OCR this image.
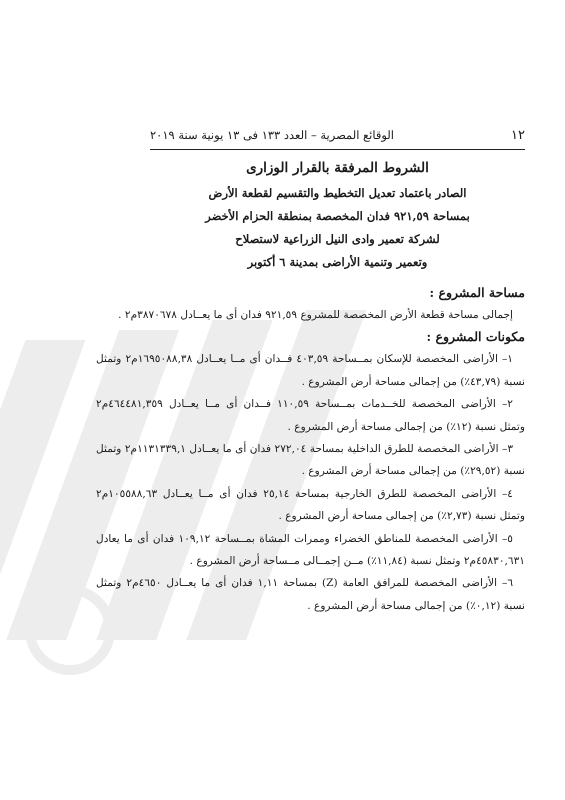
١٢
الوقائع المصرية – العدد ١٣٣ فى ١٣ يونية سنة ٢٠١٩
الشروط المرفقة بالقرار الوزارى
الصادر باعتماد تعديل التخطيط والتقسيم لقطعة الأرض
بمساحة ٩٢١,٥٩ فدان المخصصة بمنطقة الحزام الأخضر
لشركة تعمير وادى النيل الزراعية لاستصلاح
وتعمير وتنمية الأراضى بمدينة ٦ أكتوبر
مساحة المشروع :

إجمالى مساحة قطعة الأرض المخصصة للمشروع ٩٢١,٥٩ فدان أى ما يعــادل ٣٨٧٠٦٧٨م٢ .

مكونات المشروع :

١– الأراضى المخصصة للإسكان بمــساحة ٤٠٣,٥٩ فــدان أى مــا يعــادل ١٦٩٥٠٨٨,٣٨م٢ وتمثل نسبة (٤٣,٧٩٪) من إجمالى مساحة أرض المشروع .

٢– الأراضى المخصصة للخــدمات بمــساحة ١١٠,٥٩ فــدان أى مــا يعــادل ٤٦٤٤٨١,٣٥٩م٢ وتمثل نسبة (١٢٪) من إجمالى مساحة أرض المشروع .

٣– الأراضى المخصصة للطرق الداخلية بمساحة ٢٧٢,٠٤ فدان أى ما يعــادل ١١٣١٣٣٩,١م٢ وتمثل نسبة (٢٩,٥٢٪) من إجمالى مساحة أرض المشروع .

٤– الأراضى المخصصة للطرق الخارجية بمساحة ٢٥,١٤ فدان أى مــا يعــادل ١٠٥٥٨٨,٦٣م٢ وتمثل نسبة (٢,٧٣٪) من إجمالى مساحة أرض المشروع .

٥– الأراضى المخصصة للمناطق الخضراء وممرات المشاة بمــساحة ١٠٩,١٢ فدان أى ما يعادل ٤٥٨٣٠,٦٣١م٢ وتمثل نسبة (١١,٨٤٪) مــن إجمــالى مــساحة أرض المشروع .

٦– الأراضى المخصصة للمرافق العامة (Z) بمساحة ١,١١ فدان أى ما يعــادل ٤٦٥٠م٢ وتمثل نسبة (٠,١٢٪) من إجمالى مساحة أرض المشروع .
